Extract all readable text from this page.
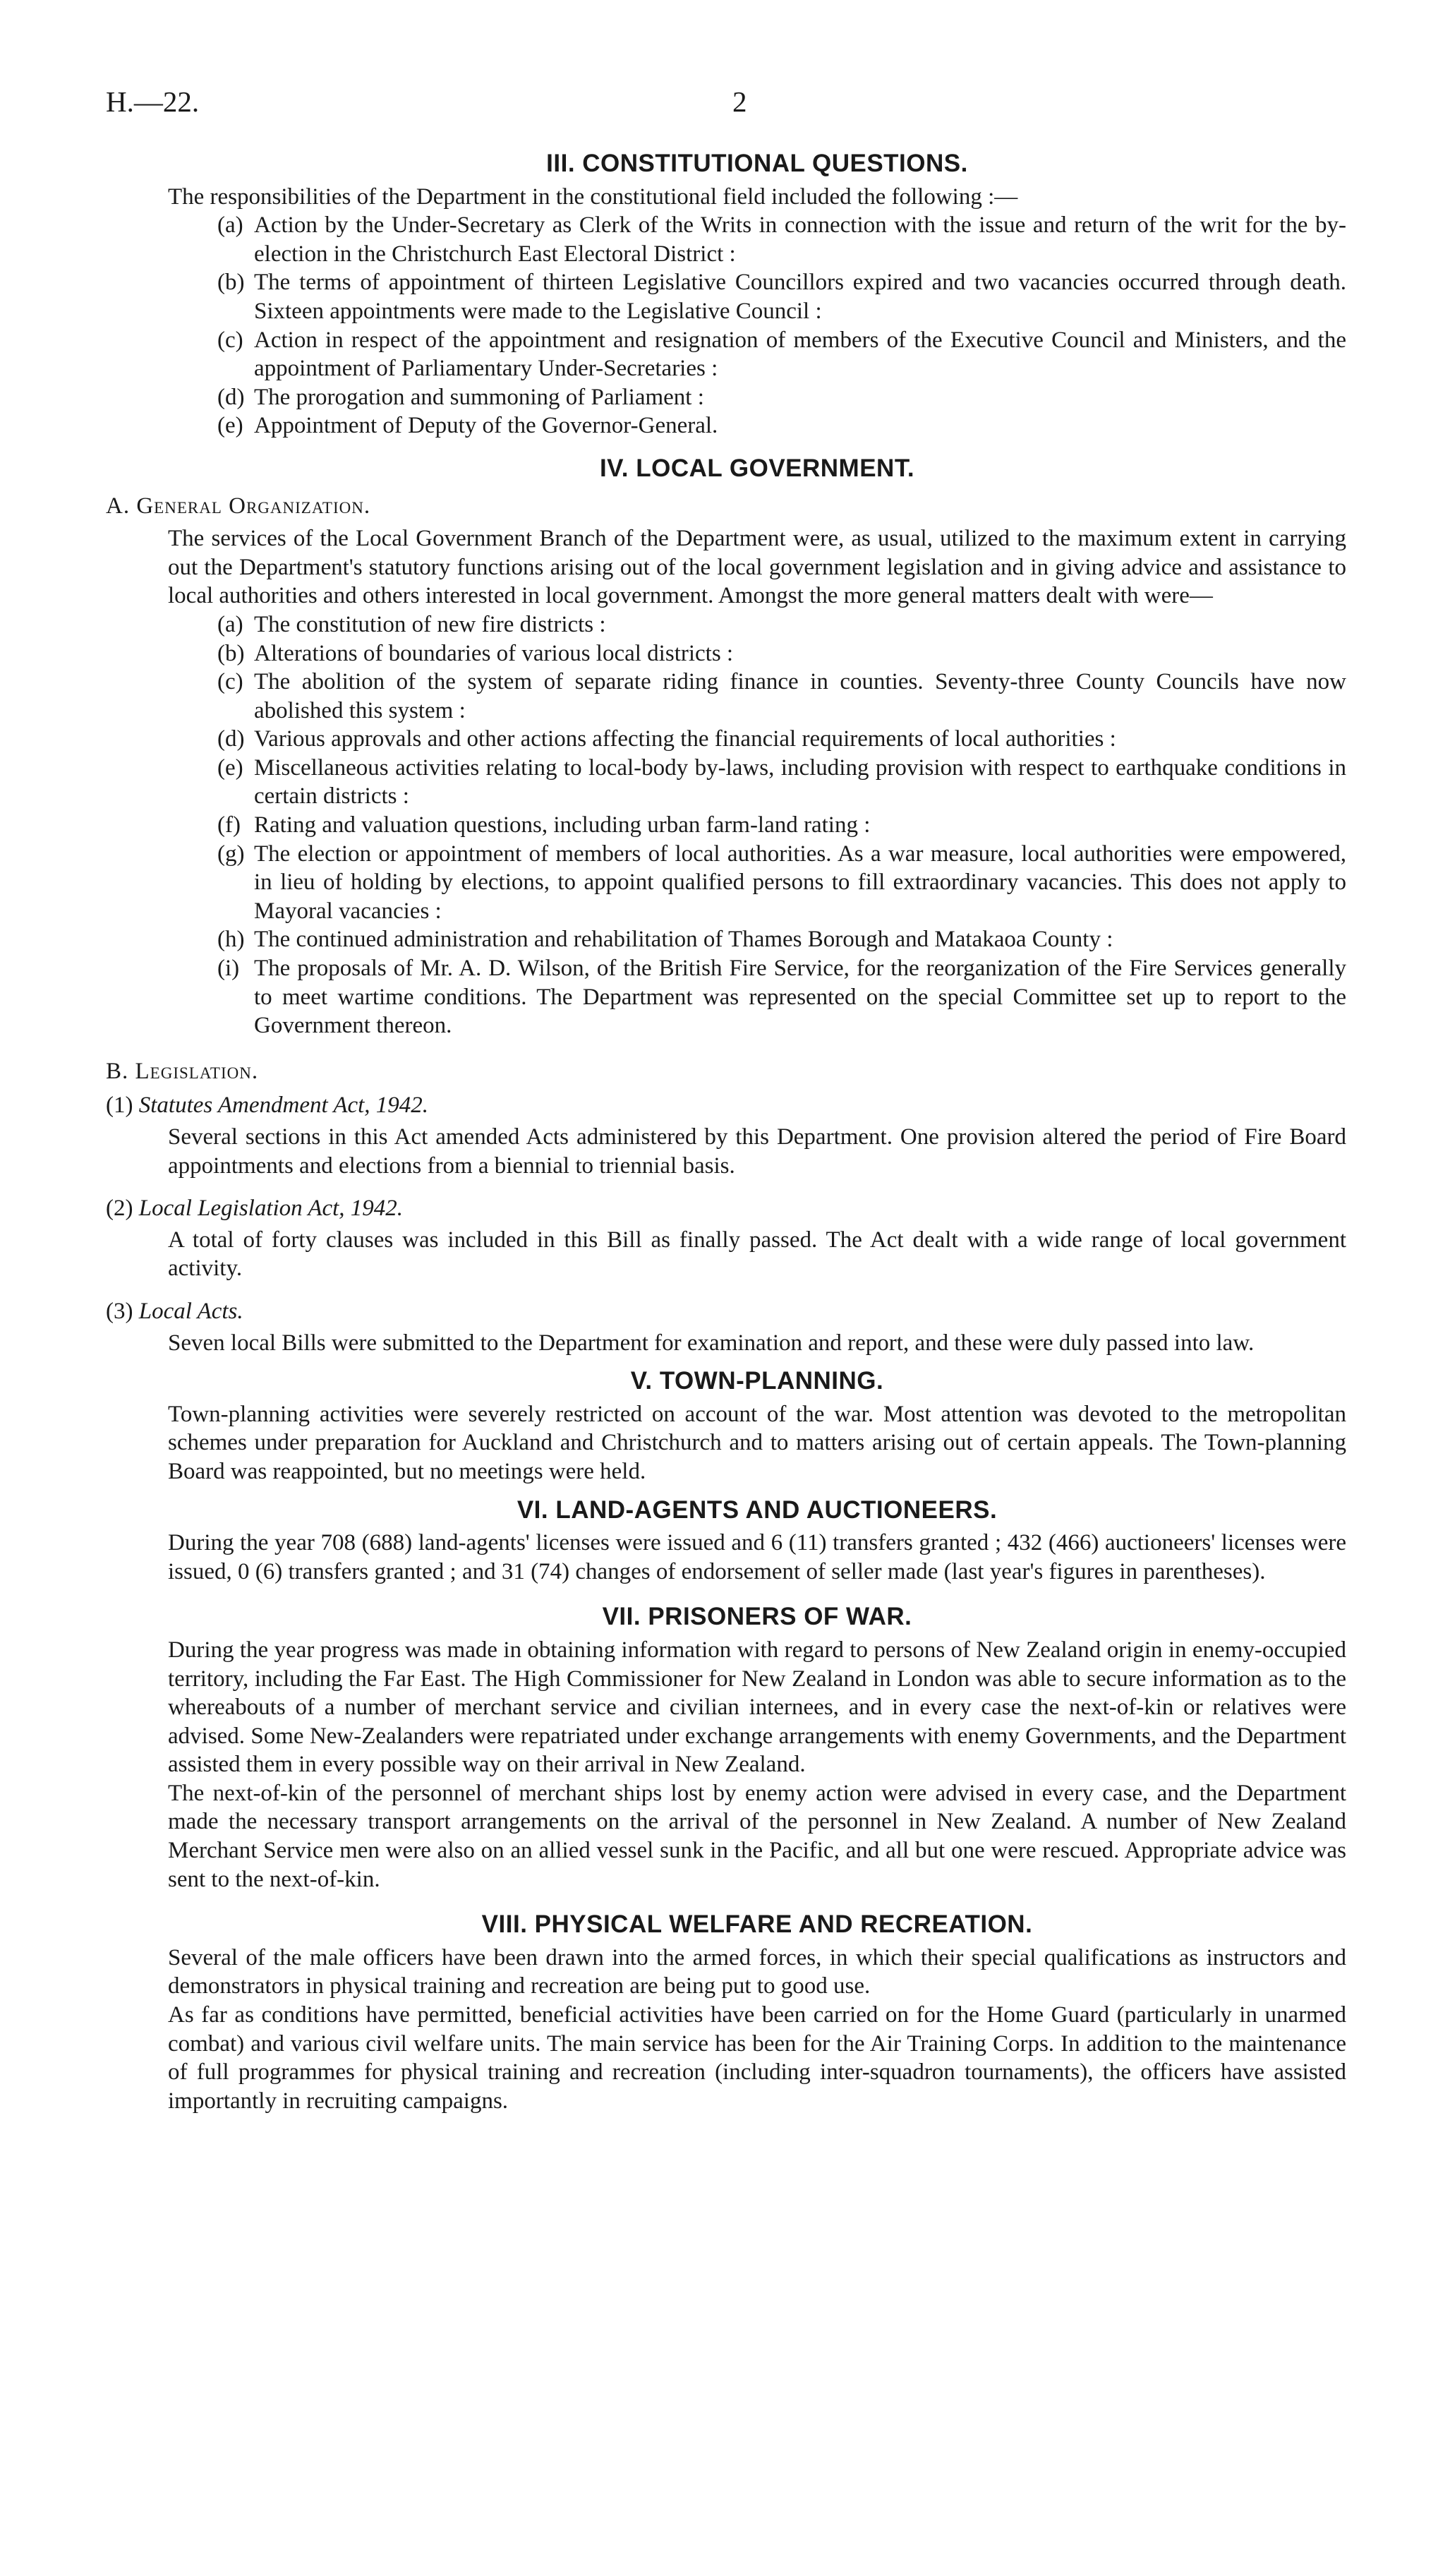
H.—22.	2
III. CONSTITUTIONAL QUESTIONS.

The responsibilities of the Department in the constitutional field included the following :—

(a) Action by the Under-Secretary as Clerk of the Writs in connection with the issue and return of the writ for the by-election in the Christchurch East Electoral District :
(b) The terms of appointment of thirteen Legislative Councillors expired and two vacancies occurred through death. Sixteen appointments were made to the Legislative Council :
(c) Action in respect of the appointment and resignation of members of the Executive Council and Ministers, and the appointment of Parliamentary Under-Secretaries :
(d) The prorogation and summoning of Parliament :
(e) Appointment of Deputy of the Governor-General.
IV. LOCAL GOVERNMENT.
A. General Organization.

The services of the Local Government Branch of the Department were, as usual, utilized to the maximum extent in carrying out the Department's statutory functions arising out of the local government legislation and in giving advice and assistance to local authorities and others interested in local government. Amongst the more general matters dealt with were—

(a) The constitution of new fire districts :
(b) Alterations of boundaries of various local districts :
(c) The abolition of the system of separate riding finance in counties. Seventy-three County Councils have now abolished this system :
(d) Various approvals and other actions affecting the financial requirements of local authorities :
(e) Miscellaneous activities relating to local-body by-laws, including provision with respect to earthquake conditions in certain districts :
(f) Rating and valuation questions, including urban farm-land rating :
(g) The election or appointment of members of local authorities. As a war measure, local authorities were empowered, in lieu of holding by elections, to appoint qualified persons to fill extraordinary vacancies. This does not apply to Mayoral vacancies :
(h) The continued administration and rehabilitation of Thames Borough and Matakaoa County :
(i) The proposals of Mr. A. D. Wilson, of the British Fire Service, for the reorganization of the Fire Services generally to meet wartime conditions. The Department was represented on the special Committee set up to report to the Government thereon.
B. Legislation.
(1) Statutes Amendment Act, 1942.

Several sections in this Act amended Acts administered by this Department. One provision altered the period of Fire Board appointments and elections from a biennial to triennial basis.

(2) Local Legislation Act, 1942.

A total of forty clauses was included in this Bill as finally passed. The Act dealt with a wide range of local government activity.

(3) Local Acts.

Seven local Bills were submitted to the Department for examination and report, and these were duly passed into law.

V. TOWN-PLANNING.

Town-planning activities were severely restricted on account of the war. Most attention was devoted to the metropolitan schemes under preparation for Auckland and Christchurch and to matters arising out of certain appeals. The Town-planning Board was reappointed, but no meetings were held.

VI. LAND-AGENTS AND AUCTIONEERS.

During the year 708 (688) land-agents' licenses were issued and 6 (11) transfers granted ; 432 (466) auctioneers' licenses were issued, 0 (6) transfers granted ; and 31 (74) changes of endorsement of seller made (last year's figures in parentheses).

VII. PRISONERS OF WAR.

During the year progress was made in obtaining information with regard to persons of New Zealand origin in enemy-occupied territory, including the Far East. The High Commissioner for New Zealand in London was able to secure information as to the whereabouts of a number of merchant service and civilian internees, and in every case the next-of-kin or relatives were advised. Some New-Zealanders were repatriated under exchange arrangements with enemy Governments, and the Department assisted them in every possible way on their arrival in New Zealand.

The next-of-kin of the personnel of merchant ships lost by enemy action were advised in every case, and the Department made the necessary transport arrangements on the arrival of the personnel in New Zealand. A number of New Zealand Merchant Service men were also on an allied vessel sunk in the Pacific, and all but one were rescued. Appropriate advice was sent to the next-of-kin.

VIII. PHYSICAL WELFARE AND RECREATION.

Several of the male officers have been drawn into the armed forces, in which their special qualifications as instructors and demonstrators in physical training and recreation are being put to good use.

As far as conditions have permitted, beneficial activities have been carried on for the Home Guard (particularly in unarmed combat) and various civil welfare units. The main service has been for the Air Training Corps. In addition to the maintenance of full programmes for physical training and recreation (including inter-squadron tournaments), the officers have assisted importantly in recruiting campaigns.
